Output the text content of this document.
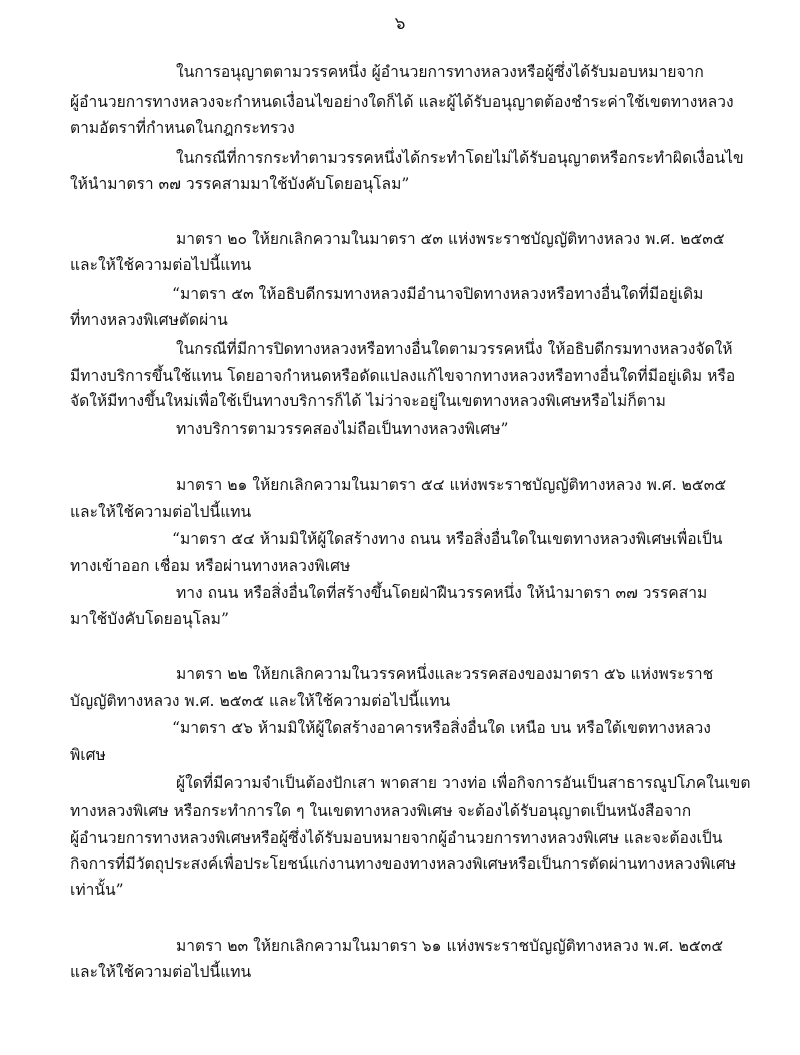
๖
ในการอนุญาตตามวรรคหนึ่ง ผู้อำนวยการทางหลวงหรือผู้ซึ่งได้รับมอบหมายจาก
ผู้อำนวยการทางหลวงจะกำหนดเงื่อนไขอย่างใดก็ได้ และผู้ได้รับอนุญาตต้องชำระค่าใช้เขตทางหลวง
ตามอัตราที่กำหนดในกฎกระทรวง
ในกรณีที่การกระทำตามวรรคหนึ่งได้กระทำโดยไม่ได้รับอนุญาตหรือกระทำผิดเงื่อนไข
ให้นำมาตรา ๓๗ วรรคสามมาใช้บังคับโดยอนุโลม”
มาตรา ๒๐ ให้ยกเลิกความในมาตรา ๕๓ แห่งพระราชบัญญัติทางหลวง พ.ศ. ๒๕๓๕
และให้ใช้ความต่อไปนี้แทน
“มาตรา ๕๓ ให้อธิบดีกรมทางหลวงมีอำนาจปิดทางหลวงหรือทางอื่นใดที่มีอยู่เดิม
ที่ทางหลวงพิเศษตัดผ่าน
ในกรณีที่มีการปิดทางหลวงหรือทางอื่นใดตามวรรคหนึ่ง ให้อธิบดีกรมทางหลวงจัดให้
มีทางบริการขึ้นใช้แทน โดยอาจกำหนดหรือดัดแปลงแก้ไขจากทางหลวงหรือทางอื่นใดที่มีอยู่เดิม หรือ
จัดให้มีทางขึ้นใหม่เพื่อใช้เป็นทางบริการก็ได้ ไม่ว่าจะอยู่ในเขตทางหลวงพิเศษหรือไม่ก็ตาม
ทางบริการตามวรรคสองไม่ถือเป็นทางหลวงพิเศษ”
มาตรา ๒๑ ให้ยกเลิกความในมาตรา ๕๔ แห่งพระราชบัญญัติทางหลวง พ.ศ. ๒๕๓๕
และให้ใช้ความต่อไปนี้แทน
“มาตรา ๕๔ ห้ามมิให้ผู้ใดสร้างทาง ถนน หรือสิ่งอื่นใดในเขตทางหลวงพิเศษเพื่อเป็น
ทางเข้าออก เชื่อม หรือผ่านทางหลวงพิเศษ
ทาง ถนน หรือสิ่งอื่นใดที่สร้างขึ้นโดยฝ่าฝืนวรรคหนึ่ง ให้นำมาตรา ๓๗ วรรคสาม
มาใช้บังคับโดยอนุโลม”
มาตรา ๒๒ ให้ยกเลิกความในวรรคหนึ่งและวรรคสองของมาตรา ๕๖ แห่งพระราช
บัญญัติทางหลวง พ.ศ. ๒๕๓๕ และให้ใช้ความต่อไปนี้แทน
“มาตรา ๕๖ ห้ามมิให้ผู้ใดสร้างอาคารหรือสิ่งอื่นใด เหนือ บน หรือใต้เขตทางหลวง
พิเศษ
ผู้ใดที่มีความจำเป็นต้องปักเสา พาดสาย วางท่อ เพื่อกิจการอันเป็นสาธารณูปโภคในเขต
ทางหลวงพิเศษ หรือกระทำการใด ๆ ในเขตทางหลวงพิเศษ จะต้องได้รับอนุญาตเป็นหนังสือจาก
ผู้อำนวยการทางหลวงพิเศษหรือผู้ซึ่งได้รับมอบหมายจากผู้อำนวยการทางหลวงพิเศษ และจะต้องเป็น
กิจการที่มีวัตถุประสงค์เพื่อประโยชน์แก่งานทางของทางหลวงพิเศษหรือเป็นการตัดผ่านทางหลวงพิเศษ
เท่านั้น”
มาตรา ๒๓ ให้ยกเลิกความในมาตรา ๖๑ แห่งพระราชบัญญัติทางหลวง พ.ศ. ๒๕๓๕
และให้ใช้ความต่อไปนี้แทน
